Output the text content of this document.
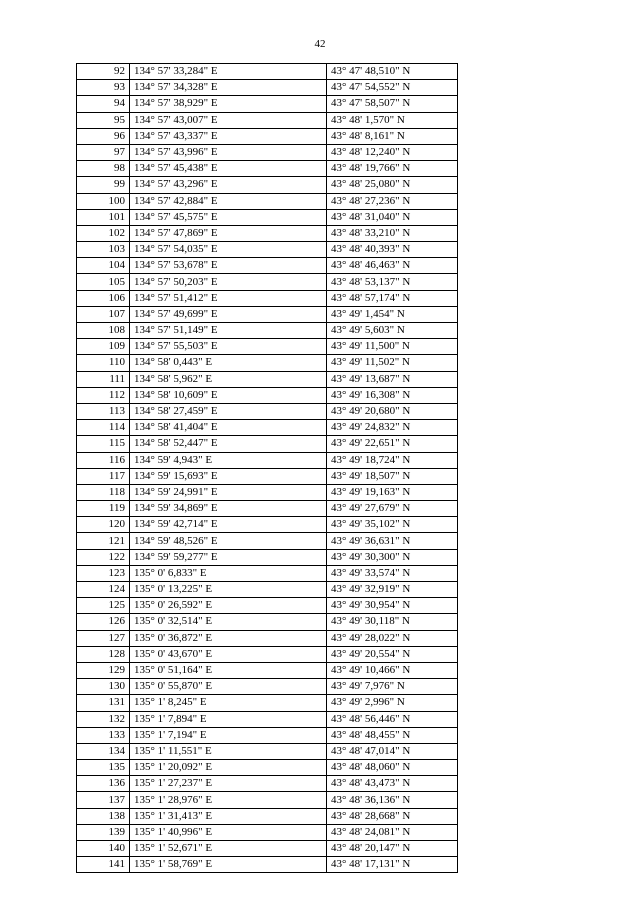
42
92	134° 57' 33,284" E	43° 47' 48,510" N
93	134° 57' 34,328" E	43° 47' 54,552" N
94	134° 57' 38,929" E	43° 47' 58,507" N
95	134° 57' 43,007" E	43° 48' 1,570" N
96	134° 57' 43,337" E	43° 48' 8,161" N
97	134° 57' 43,996" E	43° 48' 12,240" N
98	134° 57' 45,438" E	43° 48' 19,766" N
99	134° 57' 43,296" E	43° 48' 25,080" N
100	134° 57' 42,884" E	43° 48' 27,236" N
101	134° 57' 45,575" E	43° 48' 31,040" N
102	134° 57' 47,869" E	43° 48' 33,210" N
103	134° 57' 54,035" E	43° 48' 40,393" N
104	134° 57' 53,678" E	43° 48' 46,463" N
105	134° 57' 50,203" E	43° 48' 53,137" N
106	134° 57' 51,412" E	43° 48' 57,174" N
107	134° 57' 49,699" E	43° 49' 1,454" N
108	134° 57' 51,149" E	43° 49' 5,603" N
109	134° 57' 55,503" E	43° 49' 11,500" N
110	134° 58' 0,443" E	43° 49' 11,502" N
111	134° 58' 5,962" E	43° 49' 13,687" N
112	134° 58' 10,609" E	43° 49' 16,308" N
113	134° 58' 27,459" E	43° 49' 20,680" N
114	134° 58' 41,404" E	43° 49' 24,832" N
115	134° 58' 52,447" E	43° 49' 22,651" N
116	134° 59' 4,943" E	43° 49' 18,724" N
117	134° 59' 15,693" E	43° 49' 18,507" N
118	134° 59' 24,991" E	43° 49' 19,163" N
119	134° 59' 34,869" E	43° 49' 27,679" N
120	134° 59' 42,714" E	43° 49' 35,102" N
121	134° 59' 48,526" E	43° 49' 36,631" N
122	134° 59' 59,277" E	43° 49' 30,300" N
123	135° 0' 6,833" E	43° 49' 33,574" N
124	135° 0' 13,225" E	43° 49' 32,919" N
125	135° 0' 26,592" E	43° 49' 30,954" N
126	135° 0' 32,514" E	43° 49' 30,118" N
127	135° 0' 36,872" E	43° 49' 28,022" N
128	135° 0' 43,670" E	43° 49' 20,554" N
129	135° 0' 51,164" E	43° 49' 10,466" N
130	135° 0' 55,870" E	43° 49' 7,976" N
131	135° 1' 8,245" E	43° 49' 2,996" N
132	135° 1' 7,894" E	43° 48' 56,446" N
133	135° 1' 7,194" E	43° 48' 48,455" N
134	135° 1' 11,551" E	43° 48' 47,014" N
135	135° 1' 20,092" E	43° 48' 48,060" N
136	135° 1' 27,237" E	43° 48' 43,473" N
137	135° 1' 28,976" E	43° 48' 36,136" N
138	135° 1' 31,413" E	43° 48' 28,668" N
139	135° 1' 40,996" E	43° 48' 24,081" N
140	135° 1' 52,671" E	43° 48' 20,147" N
141	135° 1' 58,769" E	43° 48' 17,131" N
